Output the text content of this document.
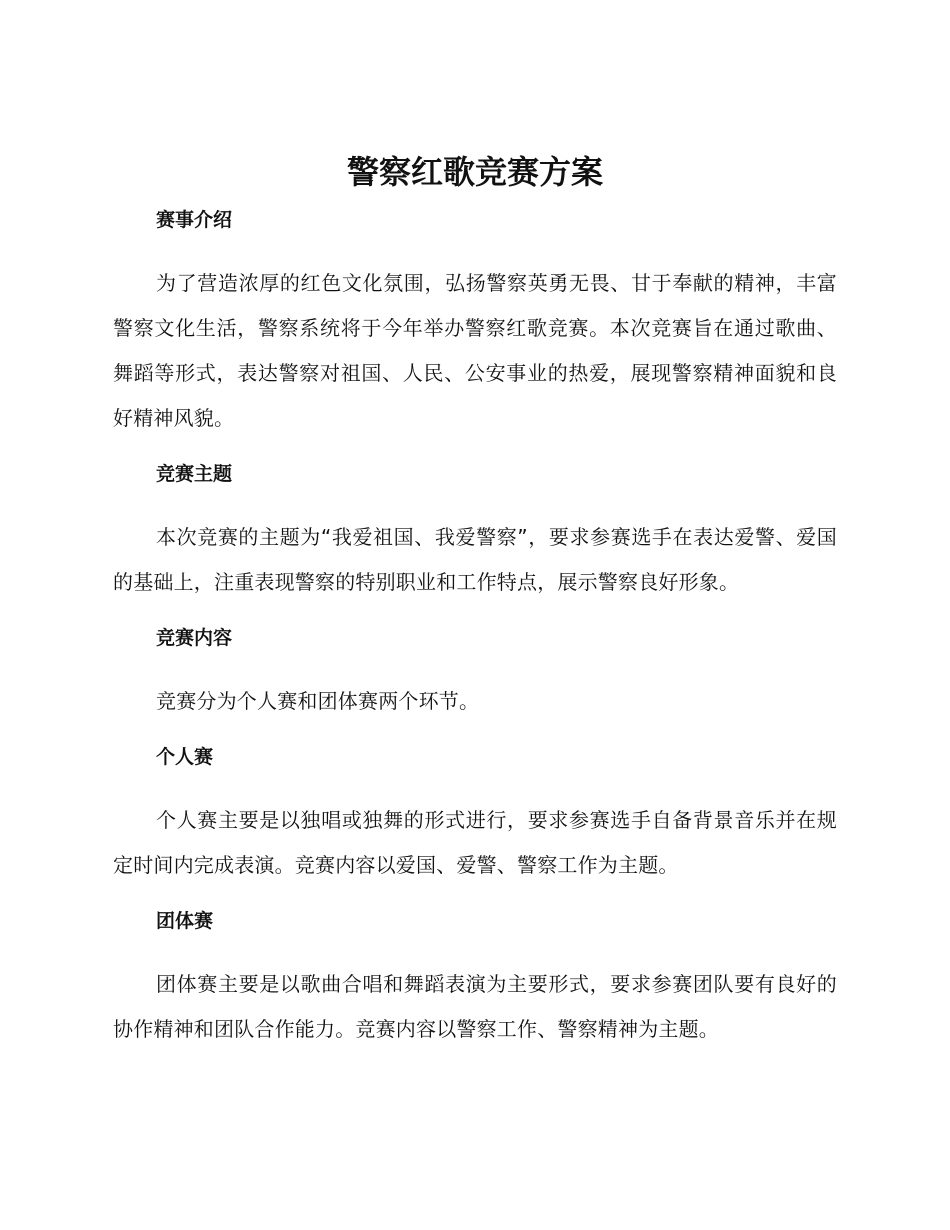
警察红歌竞赛方案
赛事介绍

为了营造浓厚的红色文化氛围，弘扬警察英勇无畏、甘于奉献的精神，丰富警察文化生活，警察系统将于今年举办警察红歌竞赛。本次竞赛旨在通过歌曲、舞蹈等形式，表达警察对祖国、人民、公安事业的热爱，展现警察精神面貌和良好精神风貌。

竞赛主题

本次竞赛的主题为“我爱祖国、我爱警察”，要求参赛选手在表达爱警、爱国的基础上，注重表现警察的特别职业和工作特点，展示警察良好形象。

竞赛内容

竞赛分为个人赛和团体赛两个环节。

个人赛

个人赛主要是以独唱或独舞的形式进行，要求参赛选手自备背景音乐并在规定时间内完成表演。竞赛内容以爱国、爱警、警察工作为主题。

团体赛

团体赛主要是以歌曲合唱和舞蹈表演为主要形式，要求参赛团队要有良好的协作精神和团队合作能力。竞赛内容以警察工作、警察精神为主题。
